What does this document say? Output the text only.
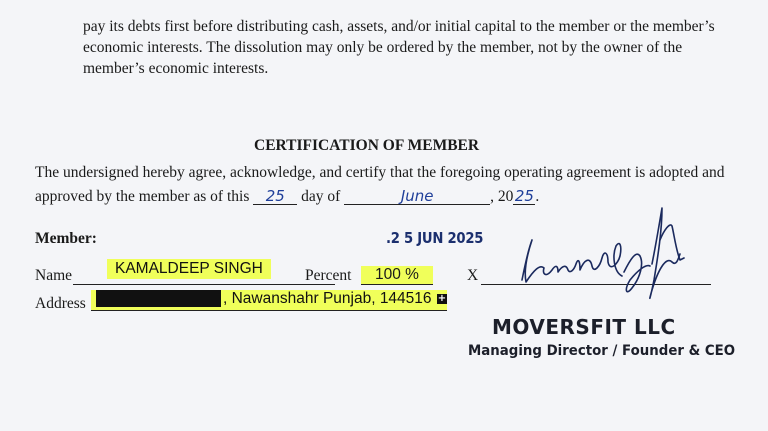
pay its debts first before distributing cash, assets, and/or initial capital to the member or the member’s economic interests. The dissolution may only be ordered by the member, not by the owner of the member’s economic interests.
CERTIFICATION OF MEMBER
The undersigned hereby agree, acknowledge, and certify that the foregoing operating agreement is adopted and approved by the member as of this 25 day of	June	, 2025.
Member:	.2 5 JUN 2025
Name	KAMALDEEP SINGH	Percent	100 %	X
Address	, Nawanshahr Punjab, 144516 +
MOVERSFIT LLC
Managing Director / Founder & CEO
